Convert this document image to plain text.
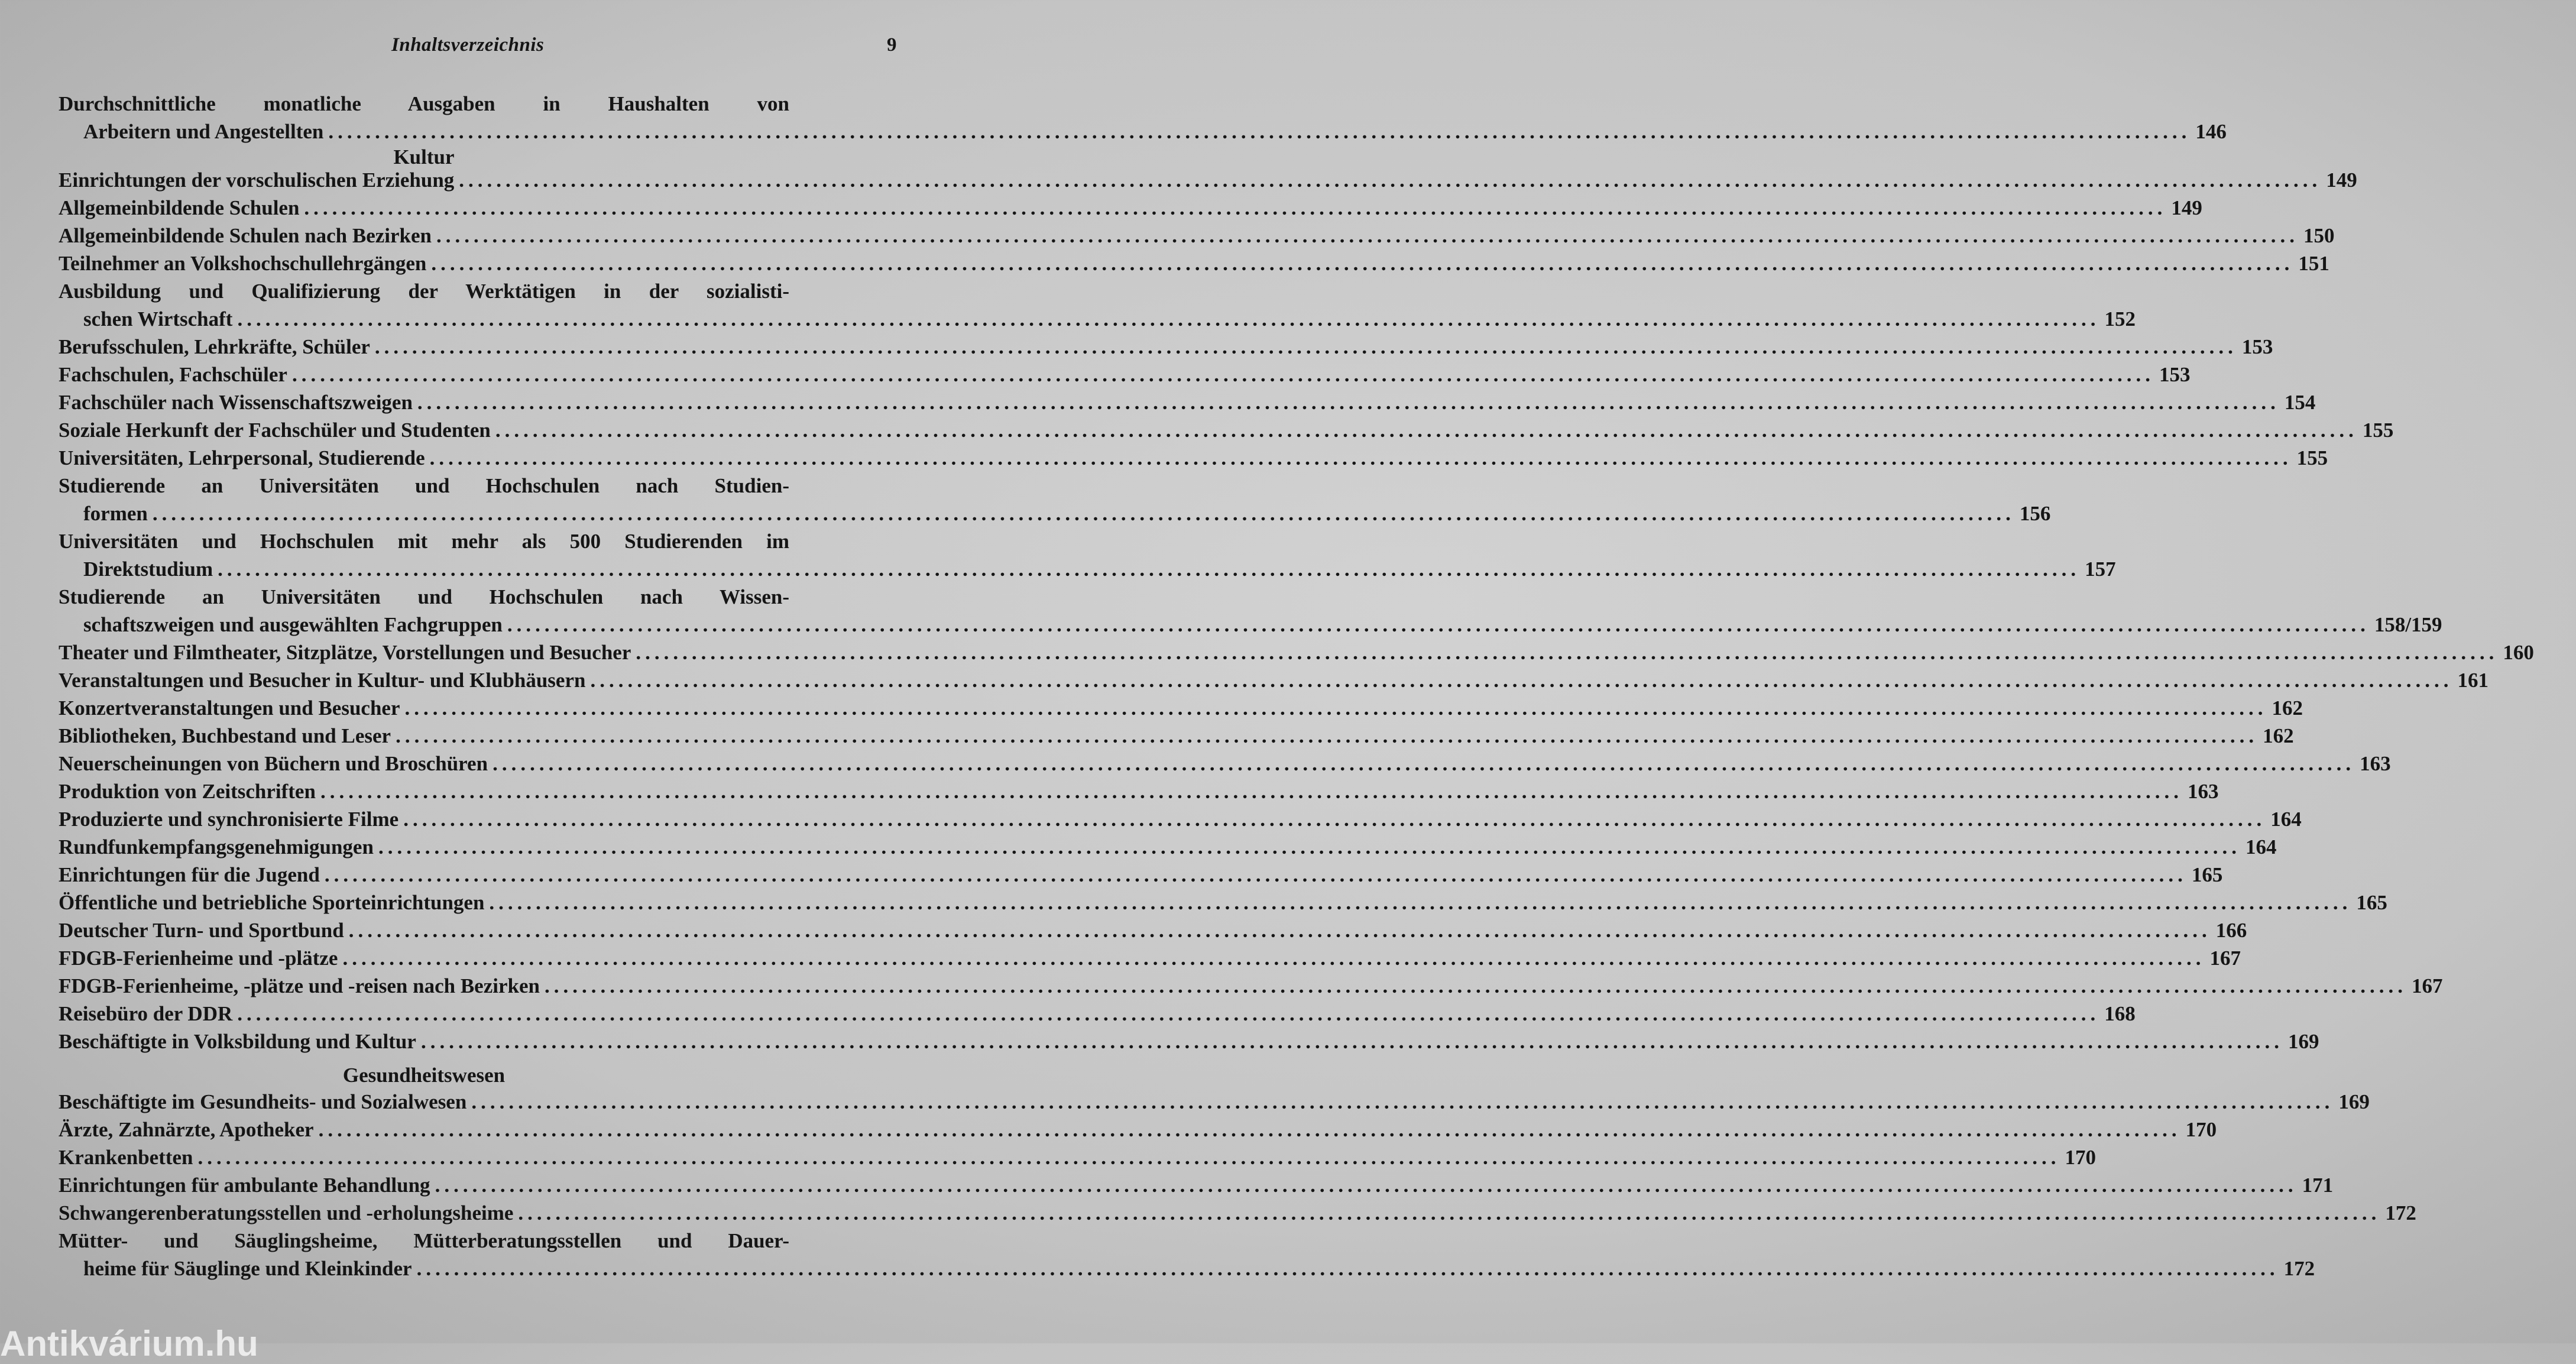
Inhaltsverzeichnis	9
Durchschnittliche monatliche Ausgaben in Haushalten von
Arbeitern und Angestellten ........................................................................................................................................................................................................ 146
Kultur
Einrichtungen der vorschulischen Erziehung ........................................................................................................................................................................................................ 149
Allgemeinbildende Schulen ........................................................................................................................................................................................................ 149
Allgemeinbildende Schulen nach Bezirken ........................................................................................................................................................................................................ 150
Teilnehmer an Volkshochschullehrgängen ........................................................................................................................................................................................................ 151
Ausbildung und Qualifizierung der Werktätigen in der sozialisti-
schen Wirtschaft ........................................................................................................................................................................................................ 152
Berufsschulen, Lehrkräfte, Schüler ........................................................................................................................................................................................................ 153
Fachschulen, Fachschüler ........................................................................................................................................................................................................ 153
Fachschüler nach Wissenschaftszweigen ........................................................................................................................................................................................................ 154
Soziale Herkunft der Fachschüler und Studenten ........................................................................................................................................................................................................ 155
Universitäten, Lehrpersonal, Studierende ........................................................................................................................................................................................................ 155
Studierende an Universitäten und Hochschulen nach Studien-
formen ........................................................................................................................................................................................................ 156
Universitäten und Hochschulen mit mehr als 500 Studierenden im
Direktstudium ........................................................................................................................................................................................................ 157
Studierende an Universitäten und Hochschulen nach Wissen-
schaftszweigen und ausgewählten Fachgruppen ........................................................................................................................................................................................................ 158/159
Theater und Filmtheater, Sitzplätze, Vorstellungen und Besucher ........................................................................................................................................................................................................ 160
Veranstaltungen und Besucher in Kultur- und Klubhäusern ........................................................................................................................................................................................................ 161
Konzertveranstaltungen und Besucher ........................................................................................................................................................................................................ 162
Bibliotheken, Buchbestand und Leser ........................................................................................................................................................................................................ 162
Neuerscheinungen von Büchern und Broschüren ........................................................................................................................................................................................................ 163
Produktion von Zeitschriften ........................................................................................................................................................................................................ 163
Produzierte und synchronisierte Filme ........................................................................................................................................................................................................ 164
Rundfunkempfangsgenehmigungen ........................................................................................................................................................................................................ 164
Einrichtungen für die Jugend ........................................................................................................................................................................................................ 165
Öffentliche und betriebliche Sporteinrichtungen ........................................................................................................................................................................................................ 165
Deutscher Turn- und Sportbund ........................................................................................................................................................................................................ 166
FDGB-Ferienheime und -plätze ........................................................................................................................................................................................................ 167
FDGB-Ferienheime, -plätze und -reisen nach Bezirken ........................................................................................................................................................................................................ 167
Reisebüro der DDR ........................................................................................................................................................................................................ 168
Beschäftigte in Volksbildung und Kultur ........................................................................................................................................................................................................ 169
Gesundheitswesen
Beschäftigte im Gesundheits- und Sozialwesen ........................................................................................................................................................................................................ 169
Ärzte, Zahnärzte, Apotheker ........................................................................................................................................................................................................ 170
Krankenbetten ........................................................................................................................................................................................................ 170
Einrichtungen für ambulante Behandlung ........................................................................................................................................................................................................ 171
Schwangerenberatungsstellen und -erholungsheime ........................................................................................................................................................................................................ 172
Mütter- und Säuglingsheime, Mütterberatungsstellen und Dauer-
heime für Säuglinge und Kleinkinder ........................................................................................................................................................................................................ 172
Antikvárium.hu
